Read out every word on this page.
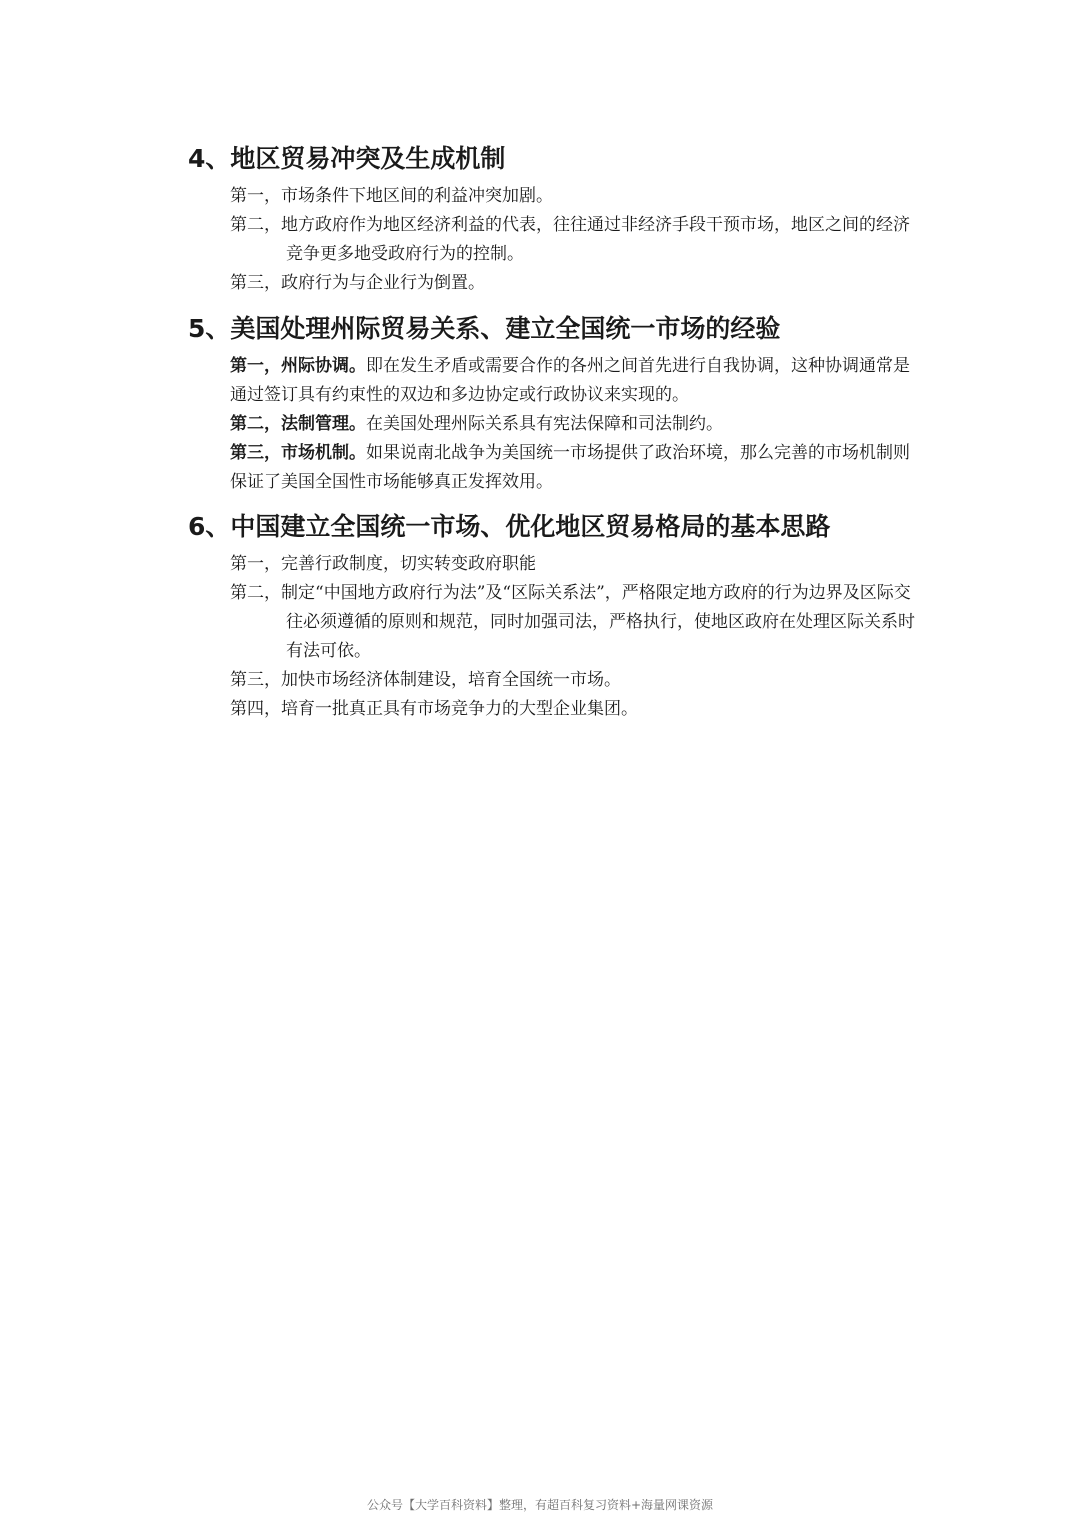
4、地区贸易冲突及生成机制
第一，市场条件下地区间的利益冲突加剧。
第二，地方政府作为地区经济利益的代表，往往通过非经济手段干预市场，地区之间的经济竞争更多地受政府行为的控制。
第三，政府行为与企业行为倒置。
5、美国处理州际贸易关系、建立全国统一市场的经验
第一，州际协调。即在发生矛盾或需要合作的各州之间首先进行自我协调，这种协调通常是通过签订具有约束性的双边和多边协定或行政协议来实现的。
第二，法制管理。在美国处理州际关系具有宪法保障和司法制约。
第三，市场机制。如果说南北战争为美国统一市场提供了政治环境，那么完善的市场机制则保证了美国全国性市场能够真正发挥效用。
6、中国建立全国统一市场、优化地区贸易格局的基本思路
第一，完善行政制度，切实转变政府职能
第二，制定“中国地方政府行为法”及“区际关系法”，严格限定地方政府的行为边界及区际交往必须遵循的原则和规范，同时加强司法，严格执行，使地区政府在处理区际关系时有法可依。
第三，加快市场经济体制建设，培育全国统一市场。
第四，培育一批真正具有市场竞争力的大型企业集团。
公众号【大学百科资料】整理，有超百科复习资料+海量网课资源
